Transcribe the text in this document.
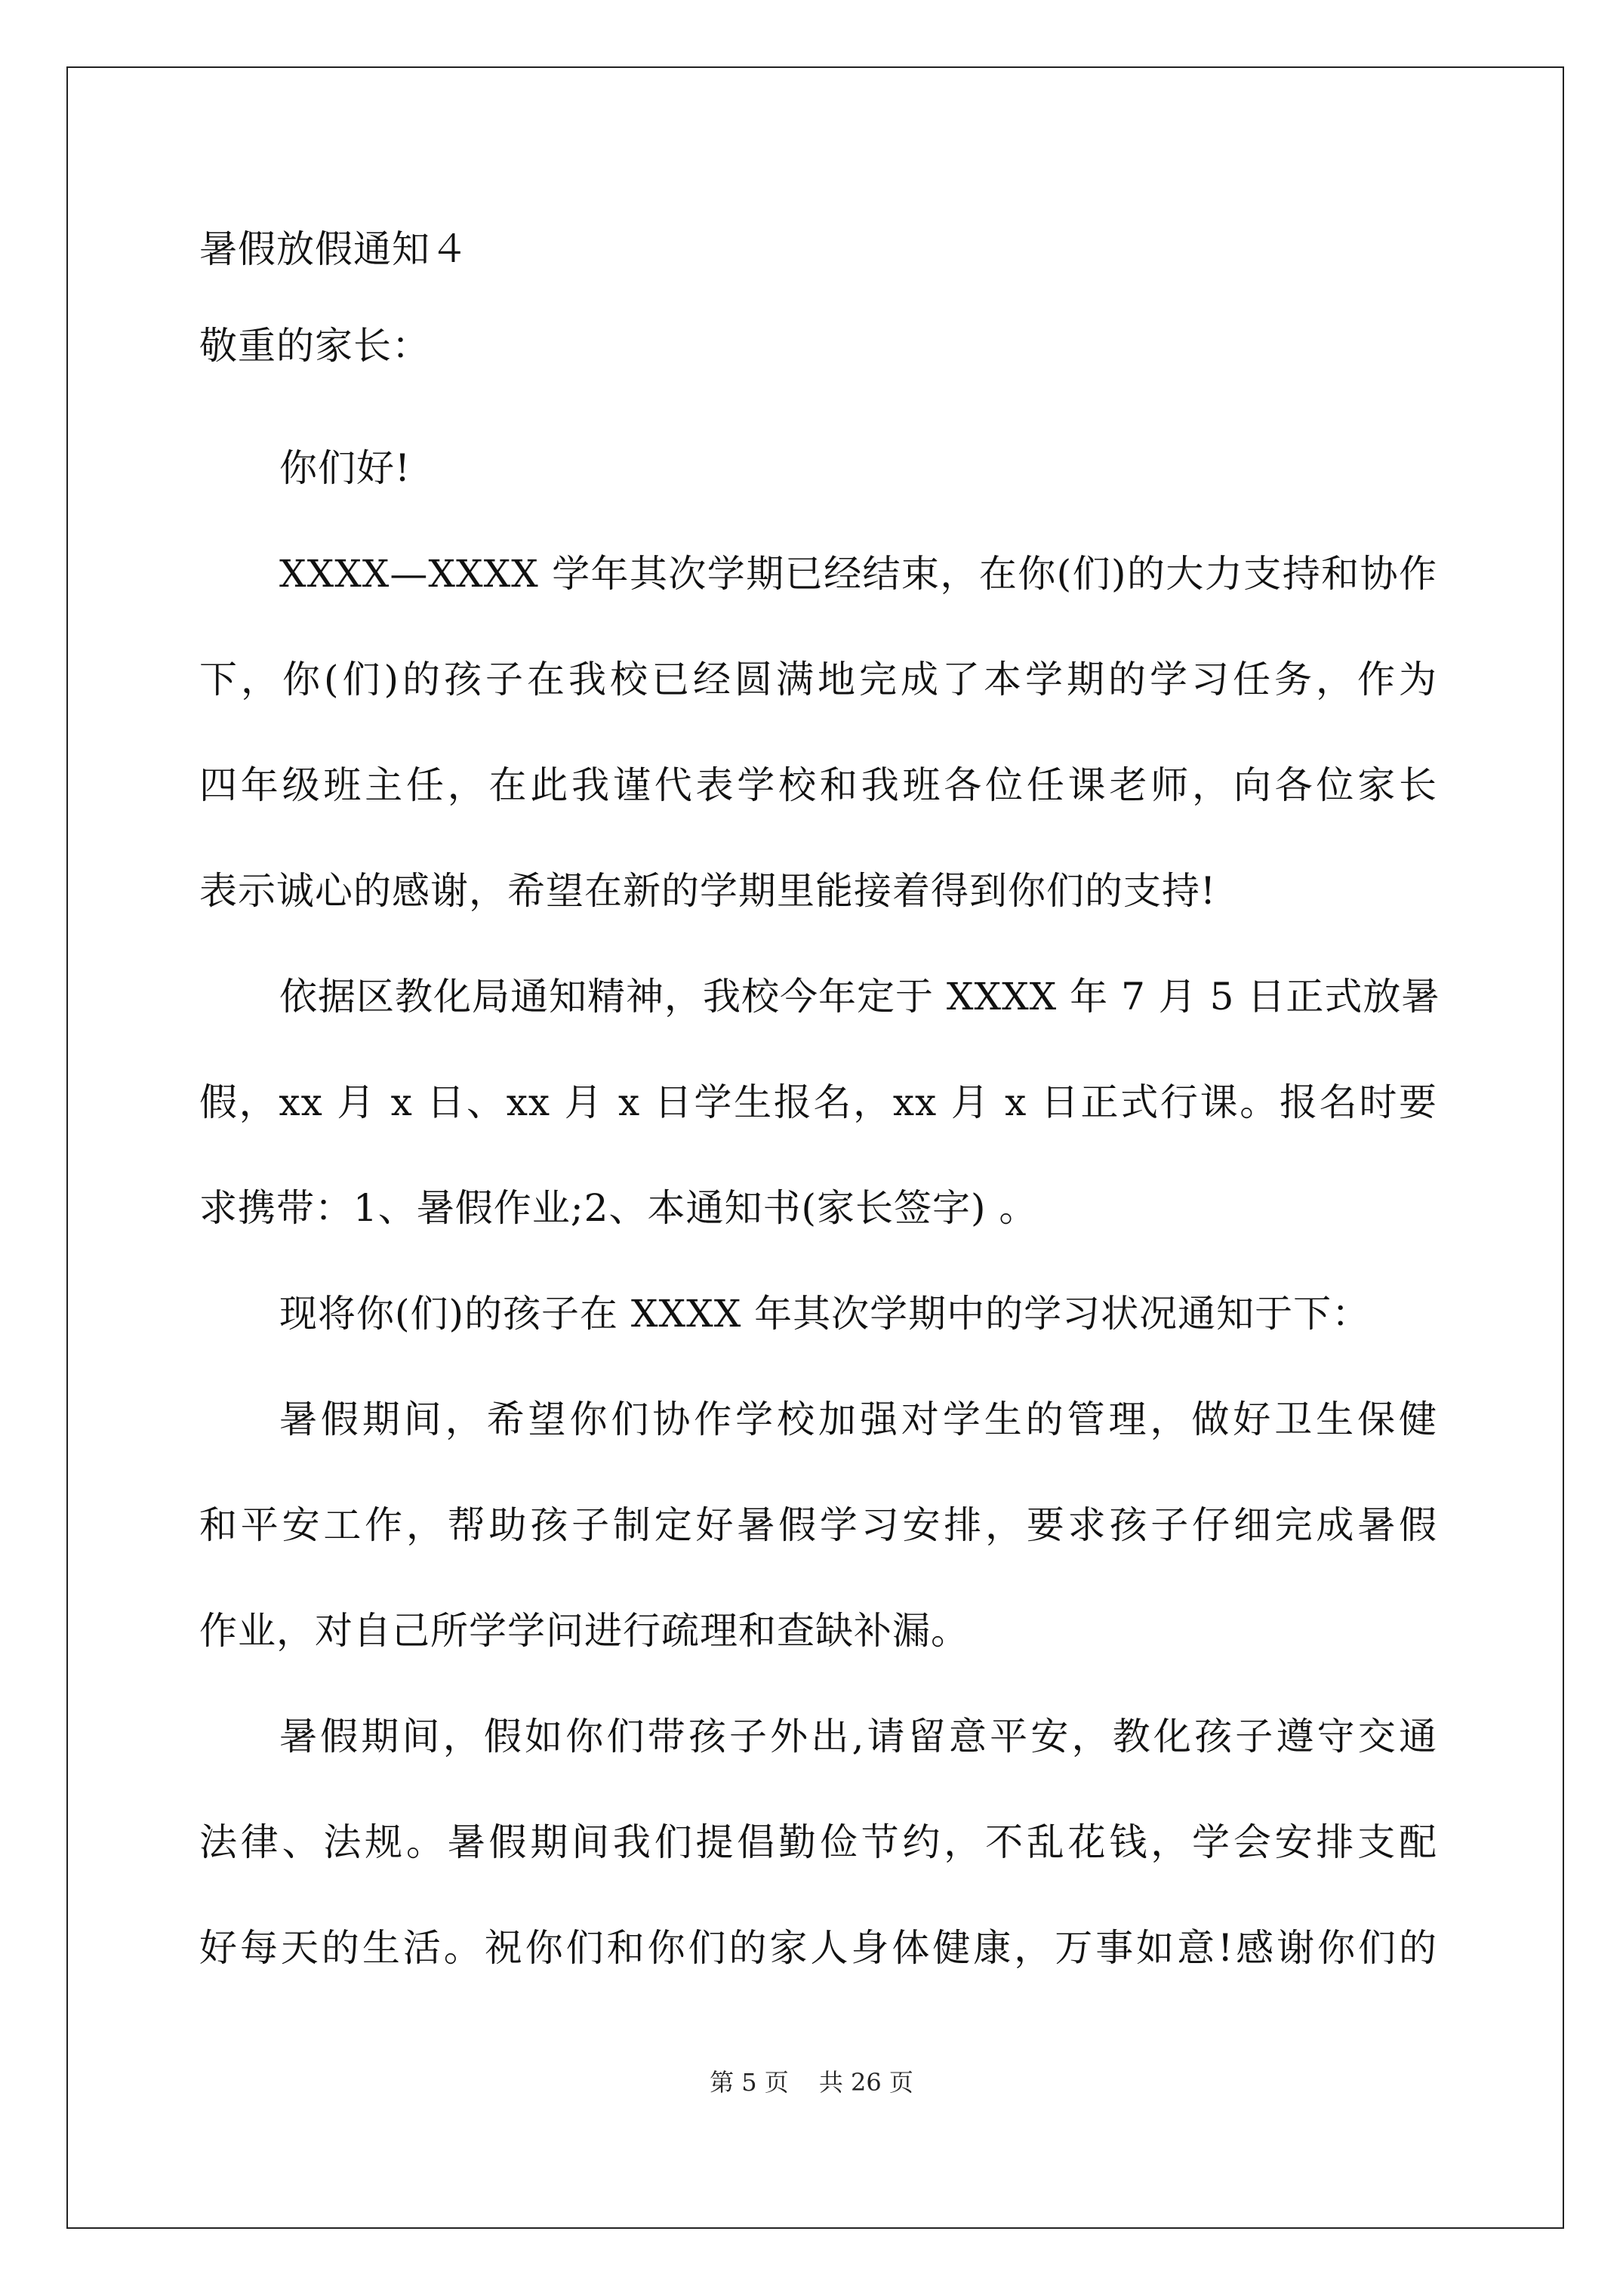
暑假放假通知４
敬重的家长：
你们好!
XXXX—XXXX 学年其次学期已经结束，在你(们)的大力支持和协作
下，你(们)的孩子在我校已经圆满地完成了本学期的学习任务，作为
四年级班主任，在此我谨代表学校和我班各位任课老师，向各位家长
表示诚心的感谢，希望在新的学期里能接着得到你们的支持!
依据区教化局通知精神，我校今年定于 XXXX 年 7 月 5 日正式放暑
假，xx 月 x 日、xx 月 x 日学生报名，xx 月 x 日正式行课。报名时要
求携带：1、暑假作业;2、本通知书(家长签字) 。
现将你(们)的孩子在 XXXX 年其次学期中的学习状况通知于下：
暑假期间，希望你们协作学校加强对学生的管理，做好卫生保健
和平安工作，帮助孩子制定好暑假学习安排，要求孩子仔细完成暑假
作业，对自己所学学问进行疏理和查缺补漏。
暑假期间，假如你们带孩子外出,请留意平安，教化孩子遵守交通
法律、法规。暑假期间我们提倡勤俭节约，不乱花钱，学会安排支配
好每天的生活。祝你们和你们的家人身体健康，万事如意!感谢你们的
第 5 页 共 26 页
